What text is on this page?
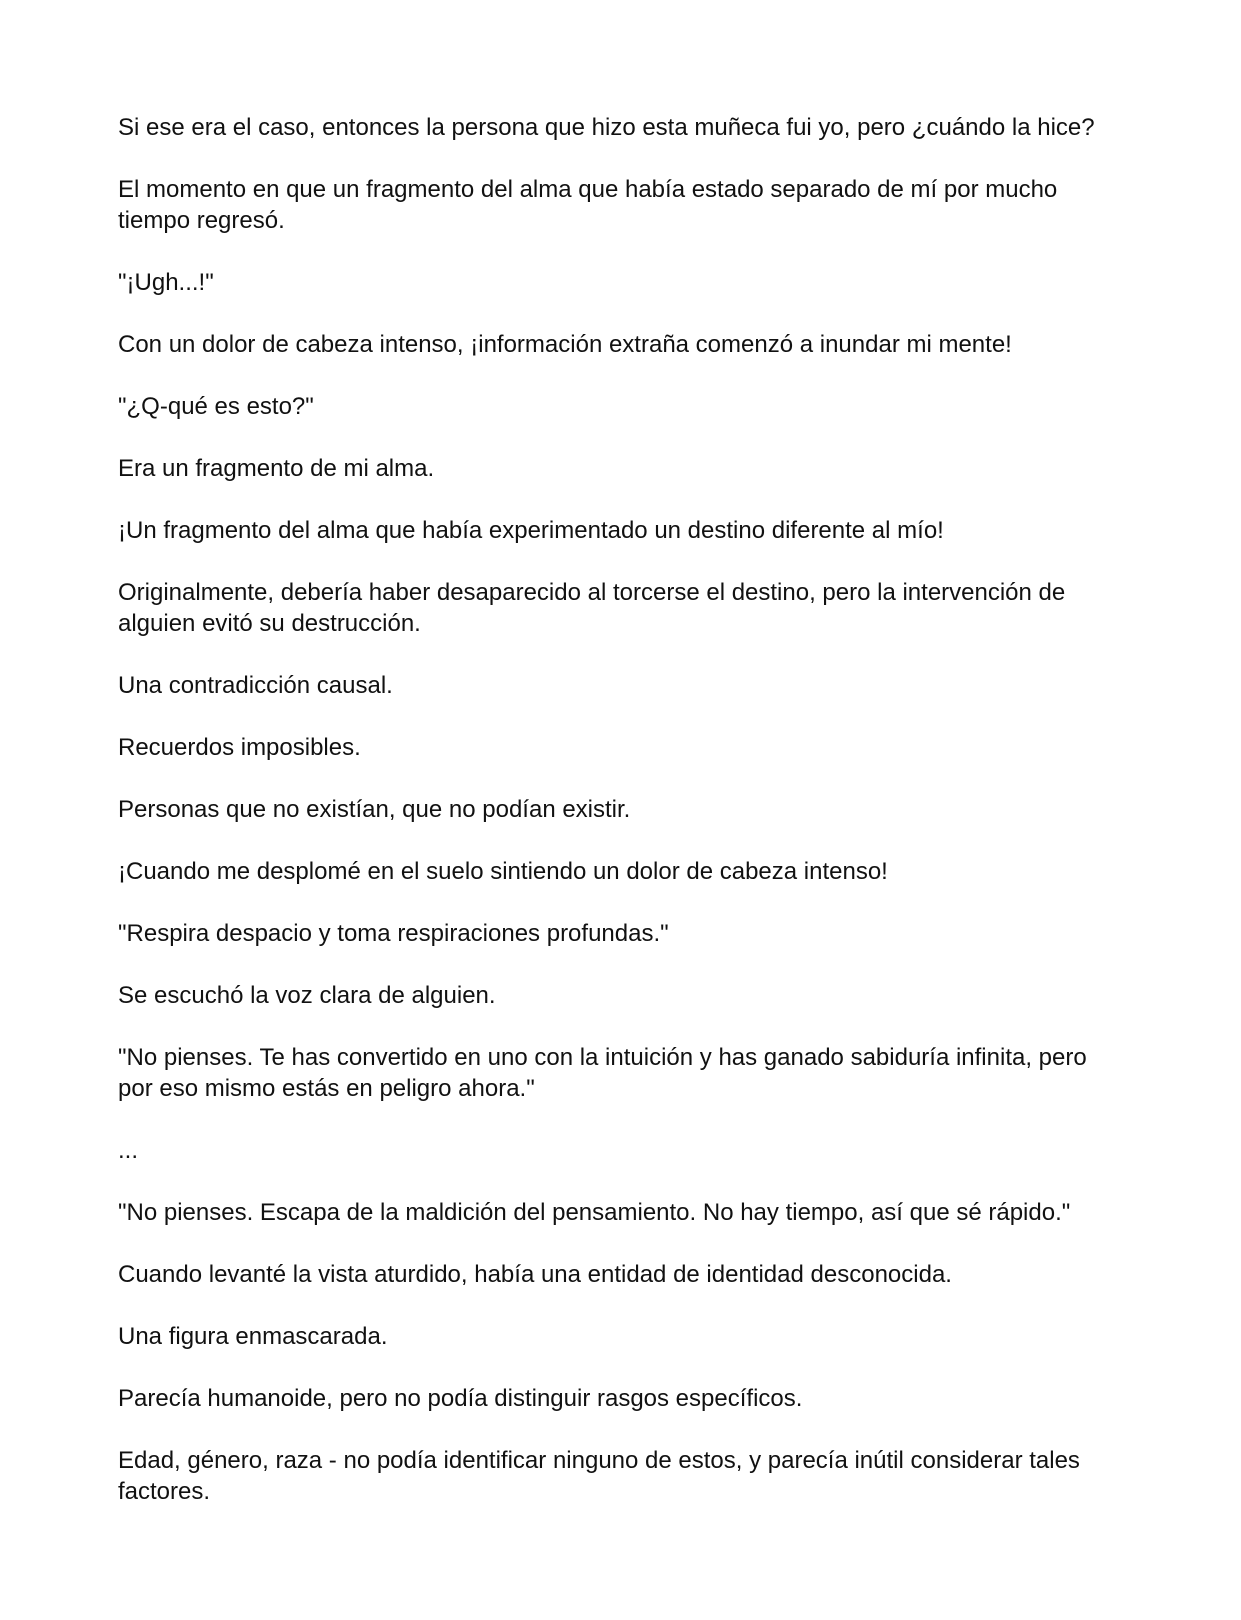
Si ese era el caso, entonces la persona que hizo esta muñeca fui yo, pero ¿cuándo la hice?

El momento en que un fragmento del alma que había estado separado de mí por mucho tiempo regresó.

"¡Ugh...!"

Con un dolor de cabeza intenso, ¡información extraña comenzó a inundar mi mente!

"¿Q-qué es esto?"

Era un fragmento de mi alma.

¡Un fragmento del alma que había experimentado un destino diferente al mío!

Originalmente, debería haber desaparecido al torcerse el destino, pero la intervención de alguien evitó su destrucción.

Una contradicción causal.

Recuerdos imposibles.

Personas que no existían, que no podían existir.

¡Cuando me desplomé en el suelo sintiendo un dolor de cabeza intenso!

"Respira despacio y toma respiraciones profundas."

Se escuchó la voz clara de alguien.

"No pienses. Te has convertido en uno con la intuición y has ganado sabiduría infinita, pero por eso mismo estás en peligro ahora."

...

"No pienses. Escapa de la maldición del pensamiento. No hay tiempo, así que sé rápido."

Cuando levanté la vista aturdido, había una entidad de identidad desconocida.

Una figura enmascarada.

Parecía humanoide, pero no podía distinguir rasgos específicos.

Edad, género, raza - no podía identificar ninguno de estos, y parecía inútil considerar tales factores.
